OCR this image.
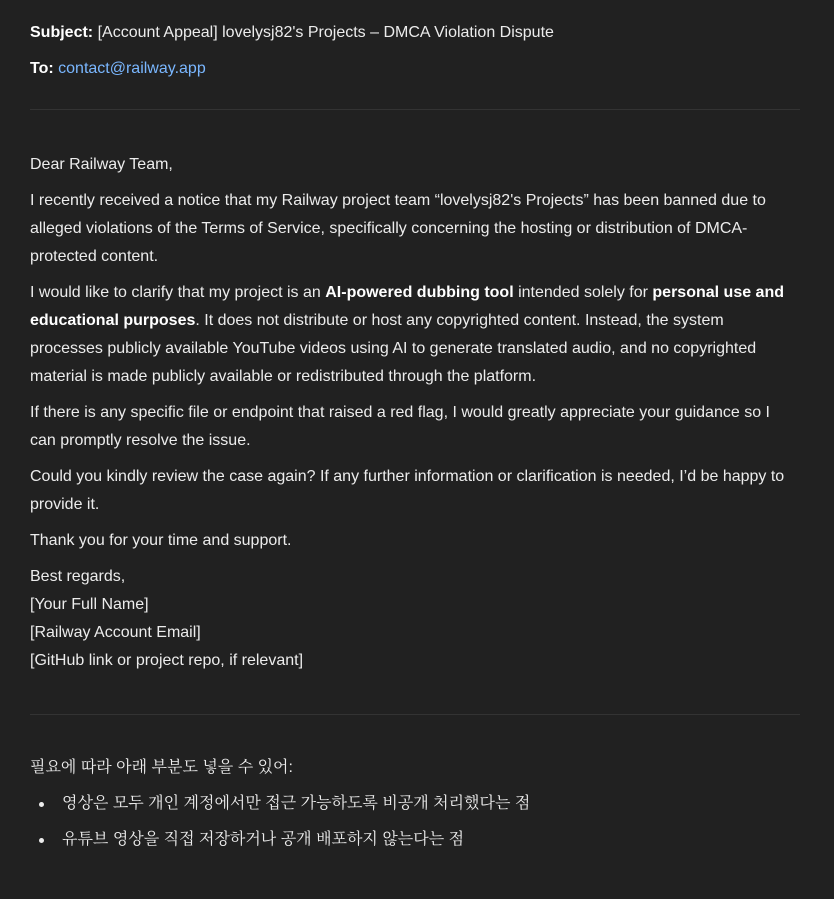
Subject: [Account Appeal] lovelysj82's Projects – DMCA Violation Dispute

To: contact@railway.app

Dear Railway Team,

I recently received a notice that my Railway project team “lovelysj82's Projects” has been banned due to alleged violations of the Terms of Service, specifically concerning the hosting or distribution of DMCA-protected content.

I would like to clarify that my project is an AI-powered dubbing tool intended solely for personal use and educational purposes. It does not distribute or host any copyrighted content. Instead, the system processes publicly available YouTube videos using AI to generate translated audio, and no copyrighted material is made publicly available or redistributed through the platform.

If there is any specific file or endpoint that raised a red flag, I would greatly appreciate your guidance so I can promptly resolve the issue.

Could you kindly review the case again? If any further information or clarification is needed, I’d be happy to provide it.

Thank you for your time and support.

Best regards,
[Your Full Name]
[Railway Account Email]
[GitHub link or project repo, if relevant]

필요에 따라 아래 부분도 넣을 수 있어:

영상은 모두 개인 계정에서만 접근 가능하도록 비공개 처리했다는 점
유튜브 영상을 직접 저장하거나 공개 배포하지 않는다는 점
